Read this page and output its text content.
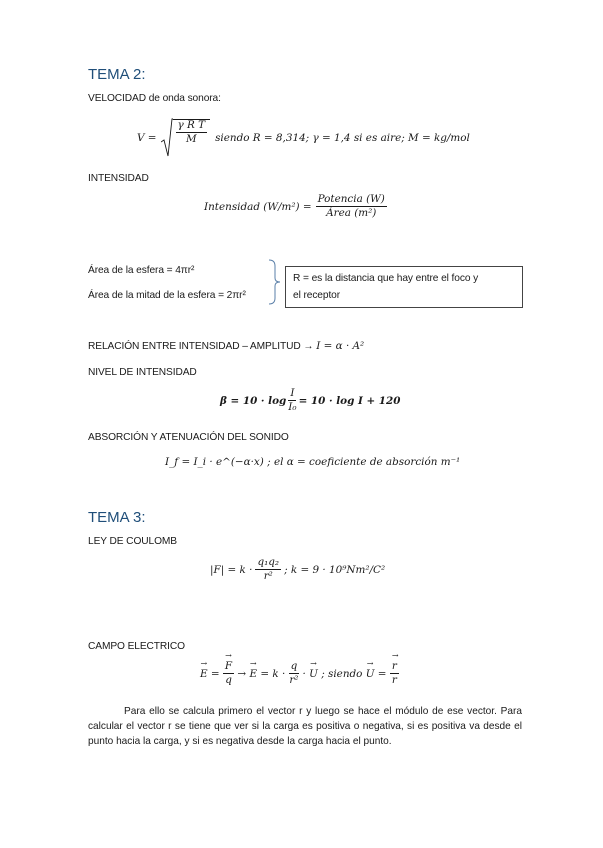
TEMA 2:
VELOCIDAD de onda sonora:
$V = \frac{\text{γ R T}}{M}$ siendo R = 8,314; γ = 1,4 si es aire; M = kg/mol
INTENSIDAD
Intensidad $(W/m^2) = \frac{\text{Potencia (W)}}{\text{Área (m²)}}$
Área de la esfera = 4πr²
Área de la mitad de la esfera = 2πr²
R = es la distancia que hay entre el foco y
el receptor
RELACIÓN ENTRE INTENSIDAD – AMPLITUD → I = α · A²
NIVEL DE INTENSIDAD
$\beta = 10 \cdot \log \frac{I}{\text{I₀}} = 10 \cdot \log I + 120$
ABSORCIÓN Y ATENUACIÓN DEL SONIDO
I_f = I_i · e^(−α·x) ; el α = coeficiente de absorción m⁻¹
TEMA 3:
LEY DE COULOMB
$|F| = k \cdot \frac{\text{q₁q₂}}{\text{r²}}$ ; k = 9 · 10⁹Nm²/C²
CAMPO ELECTRICO
→ E = → $\frac{F}{q}$ → → $E = k \cdot \frac{q}{\text{r²}}$ · → U ; siendo → U = → $\frac{r}{r}$
Para ello se calcula primero el vector r y luego se hace el módulo de ese vector. Para calcular el vector r se tiene que ver si la carga es positiva o negativa, si es positiva va desde el punto hacia la carga, y si es negativa desde la carga hacia el punto.
